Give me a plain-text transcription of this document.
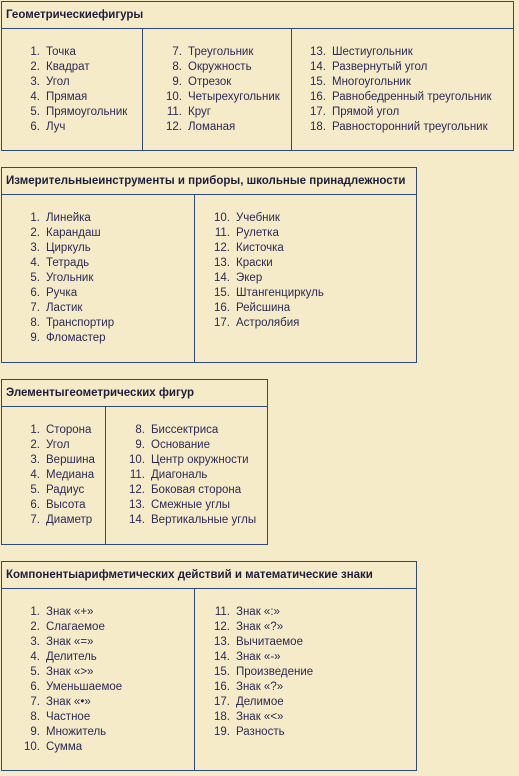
Геометрическиефигуры
1. Точка
2. Квадрат
3. Угол
4. Прямая
5. Прямоугольник
6. Луч
7. Треугольник
8. Окружность
9. Отрезок
10. Четырехугольник
11. Круг
12. Ломаная
13. Шестиугольник
14. Развернутый угол
15. Многоугольник
16. Равнобедренный треугольник
17. Прямой угол
18. Равносторонний треугольник
Измерительныеинструменты и приборы, школьные принадлежности
1. Линейка
2. Карандаш
3. Циркуль
4. Тетрадь
5. Угольник
6. Ручка
7. Ластик
8. Транспортир
9. Фломастер
10. Учебник
11. Рулетка
12. Кисточка
13. Краски
14. Экер
15. Штангенциркуль
16. Рейсшина
17. Астролябия
Элементыгеометрических фигур
1. Сторона
2. Угол
3. Вершина
4. Медиана
5. Радиус
6. Высота
7. Диаметр
8. Биссектриса
9. Основание
10. Центр окружности
11. Диагональ
12. Боковая сторона
13. Смежные углы
14. Вертикальные углы
Компонентыарифметических действий и математические знаки
1. Знак «+»
2. Слагаемое
3. Знак «=»
4. Делитель
5. Знак «>»
6. Уменьшаемое
7. Знак «•»
8. Частное
9. Множитель
10. Сумма
11. Знак «:»
12. Знак «?»
13. Вычитаемое
14. Знак «-»
15. Произведение
16. Знак «?»
17. Делимое
18. Знак «<»
19. Разность
